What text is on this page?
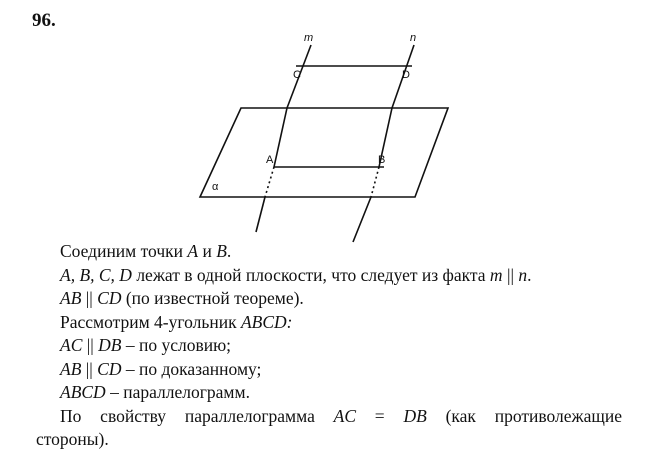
96.
m	n
C	D
A	B
α
Соединим точки A и B.
A, B, C, D лежат в одной плоскости, что следует из факта m || n.
AB || CD (по известной теореме).
Рассмотрим 4-угольник ABCD:
AC || DB – по условию;
AB || CD – по доказанному;
ABCD – параллелограмм.
По свойству параллелограмма AC = DB (как противолежащие
стороны).
